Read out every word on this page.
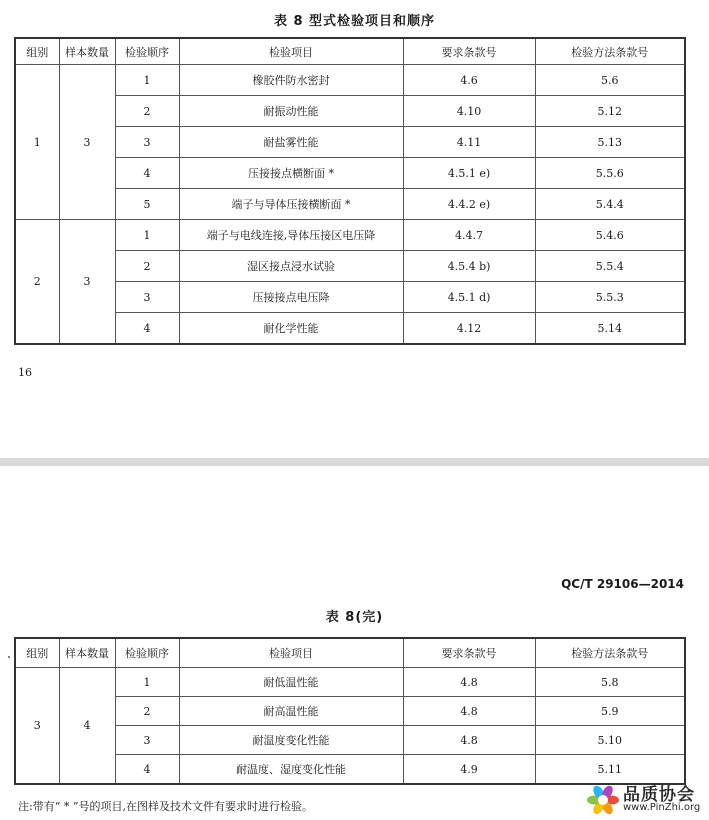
表 8 型式检验项目和顺序
组别	样本数量	检验顺序	检验项目	要求条款号	检验方法条款号
1	3	1	橡胶件防水密封	4.6	5.6
		2	耐振动性能	4.10	5.12
		3	耐盐雾性能	4.11	5.13
		4	压接接点横断面 *	4.5.1 e)	5.5.6
		5	端子与导体压接横断面 *	4.4.2 e)	5.4.4
2	3	1	端子与电线连接,导体压接区电压降	4.4.7	5.4.6
		2	湿区接点浸水试验	4.5.4 b)	5.5.4
		3	压接接点电压降	4.5.1 d)	5.5.3
		4	耐化学性能	4.12	5.14
16
QC/T 29106—2014
表 8(完)
组别	样本数量	检验顺序	检验项目	要求条款号	检验方法条款号
3	4	1	耐低温性能	4.8	5.8
		2	耐高温性能	4.8	5.9
		3	耐温度变化性能	4.8	5.10
		4	耐温度、湿度变化性能	4.9	5.11
注:带有“ * ”号的项目,在图样及技术文件有要求时进行检验。
品质协会
www.PinZhi.org
